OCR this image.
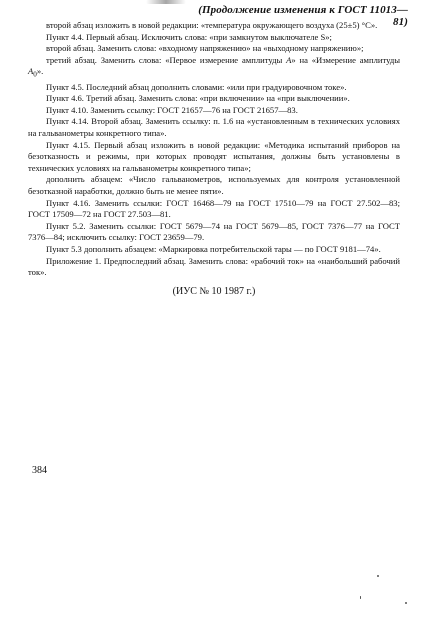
(Продолжение изменения к ГОСТ 11013—81)

второй абзац изложить в новой редакции: «температура окружающего воздуха (25±5) °С».

Пункт 4.4. Первый абзац. Исключить слова: «при замкнутом выключателе S»;

второй абзац. Заменить слова: «входному напряжению» на «выходному напряжению»;

третий абзац. Заменить слова: «Первое измерение амплитуды А» на «Измерение амплитуды $А_0$».

Пункт 4.5. Последний абзац дополнить словами: «или при градуировочном токе».

Пункт 4.6. Третий абзац. Заменить слова: «при включении» на «при выключении».

Пункт 4.10. Заменить ссылку: ГОСТ 21657—76 на ГОСТ 21657—83.

Пункт 4.14. Второй абзац. Заменить ссылку: п. 1.6 на «установленным в технических условиях на гальванометры конкретного типа».

Пункт 4.15. Первый абзац изложить в новой редакции: «Методика испытаний приборов на безотказность и режимы, при которых проводят испытания, должны быть установлены в технических условиях на гальванометры конкретного типа»;

дополнить абзацем: «Число гальванометров, используемых для контроля установленной безотказной наработки, должно быть не менее пяти».

Пункт 4.16. Заменить ссылки: ГОСТ 16468—79 на ГОСТ 17510—79 на ГОСТ 27.502—83; ГОСТ 17509—72 на ГОСТ 27.503—81.

Пункт 5.2. Заменить ссылки: ГОСТ 5679—74 на ГОСТ 5679—85, ГОСТ 7376—77 на ГОСТ 7376—84; исключить ссылку: ГОСТ 23659—79.

Пункт 5.3 дополнить абзацем: «Маркировка потребительской тары — по ГОСТ 9181—74».

Приложение 1. Предпоследний абзац. Заменить слова: «рабочий ток» на «наибольший рабочий ток».

(ИУС № 10 1987 г.)

384
